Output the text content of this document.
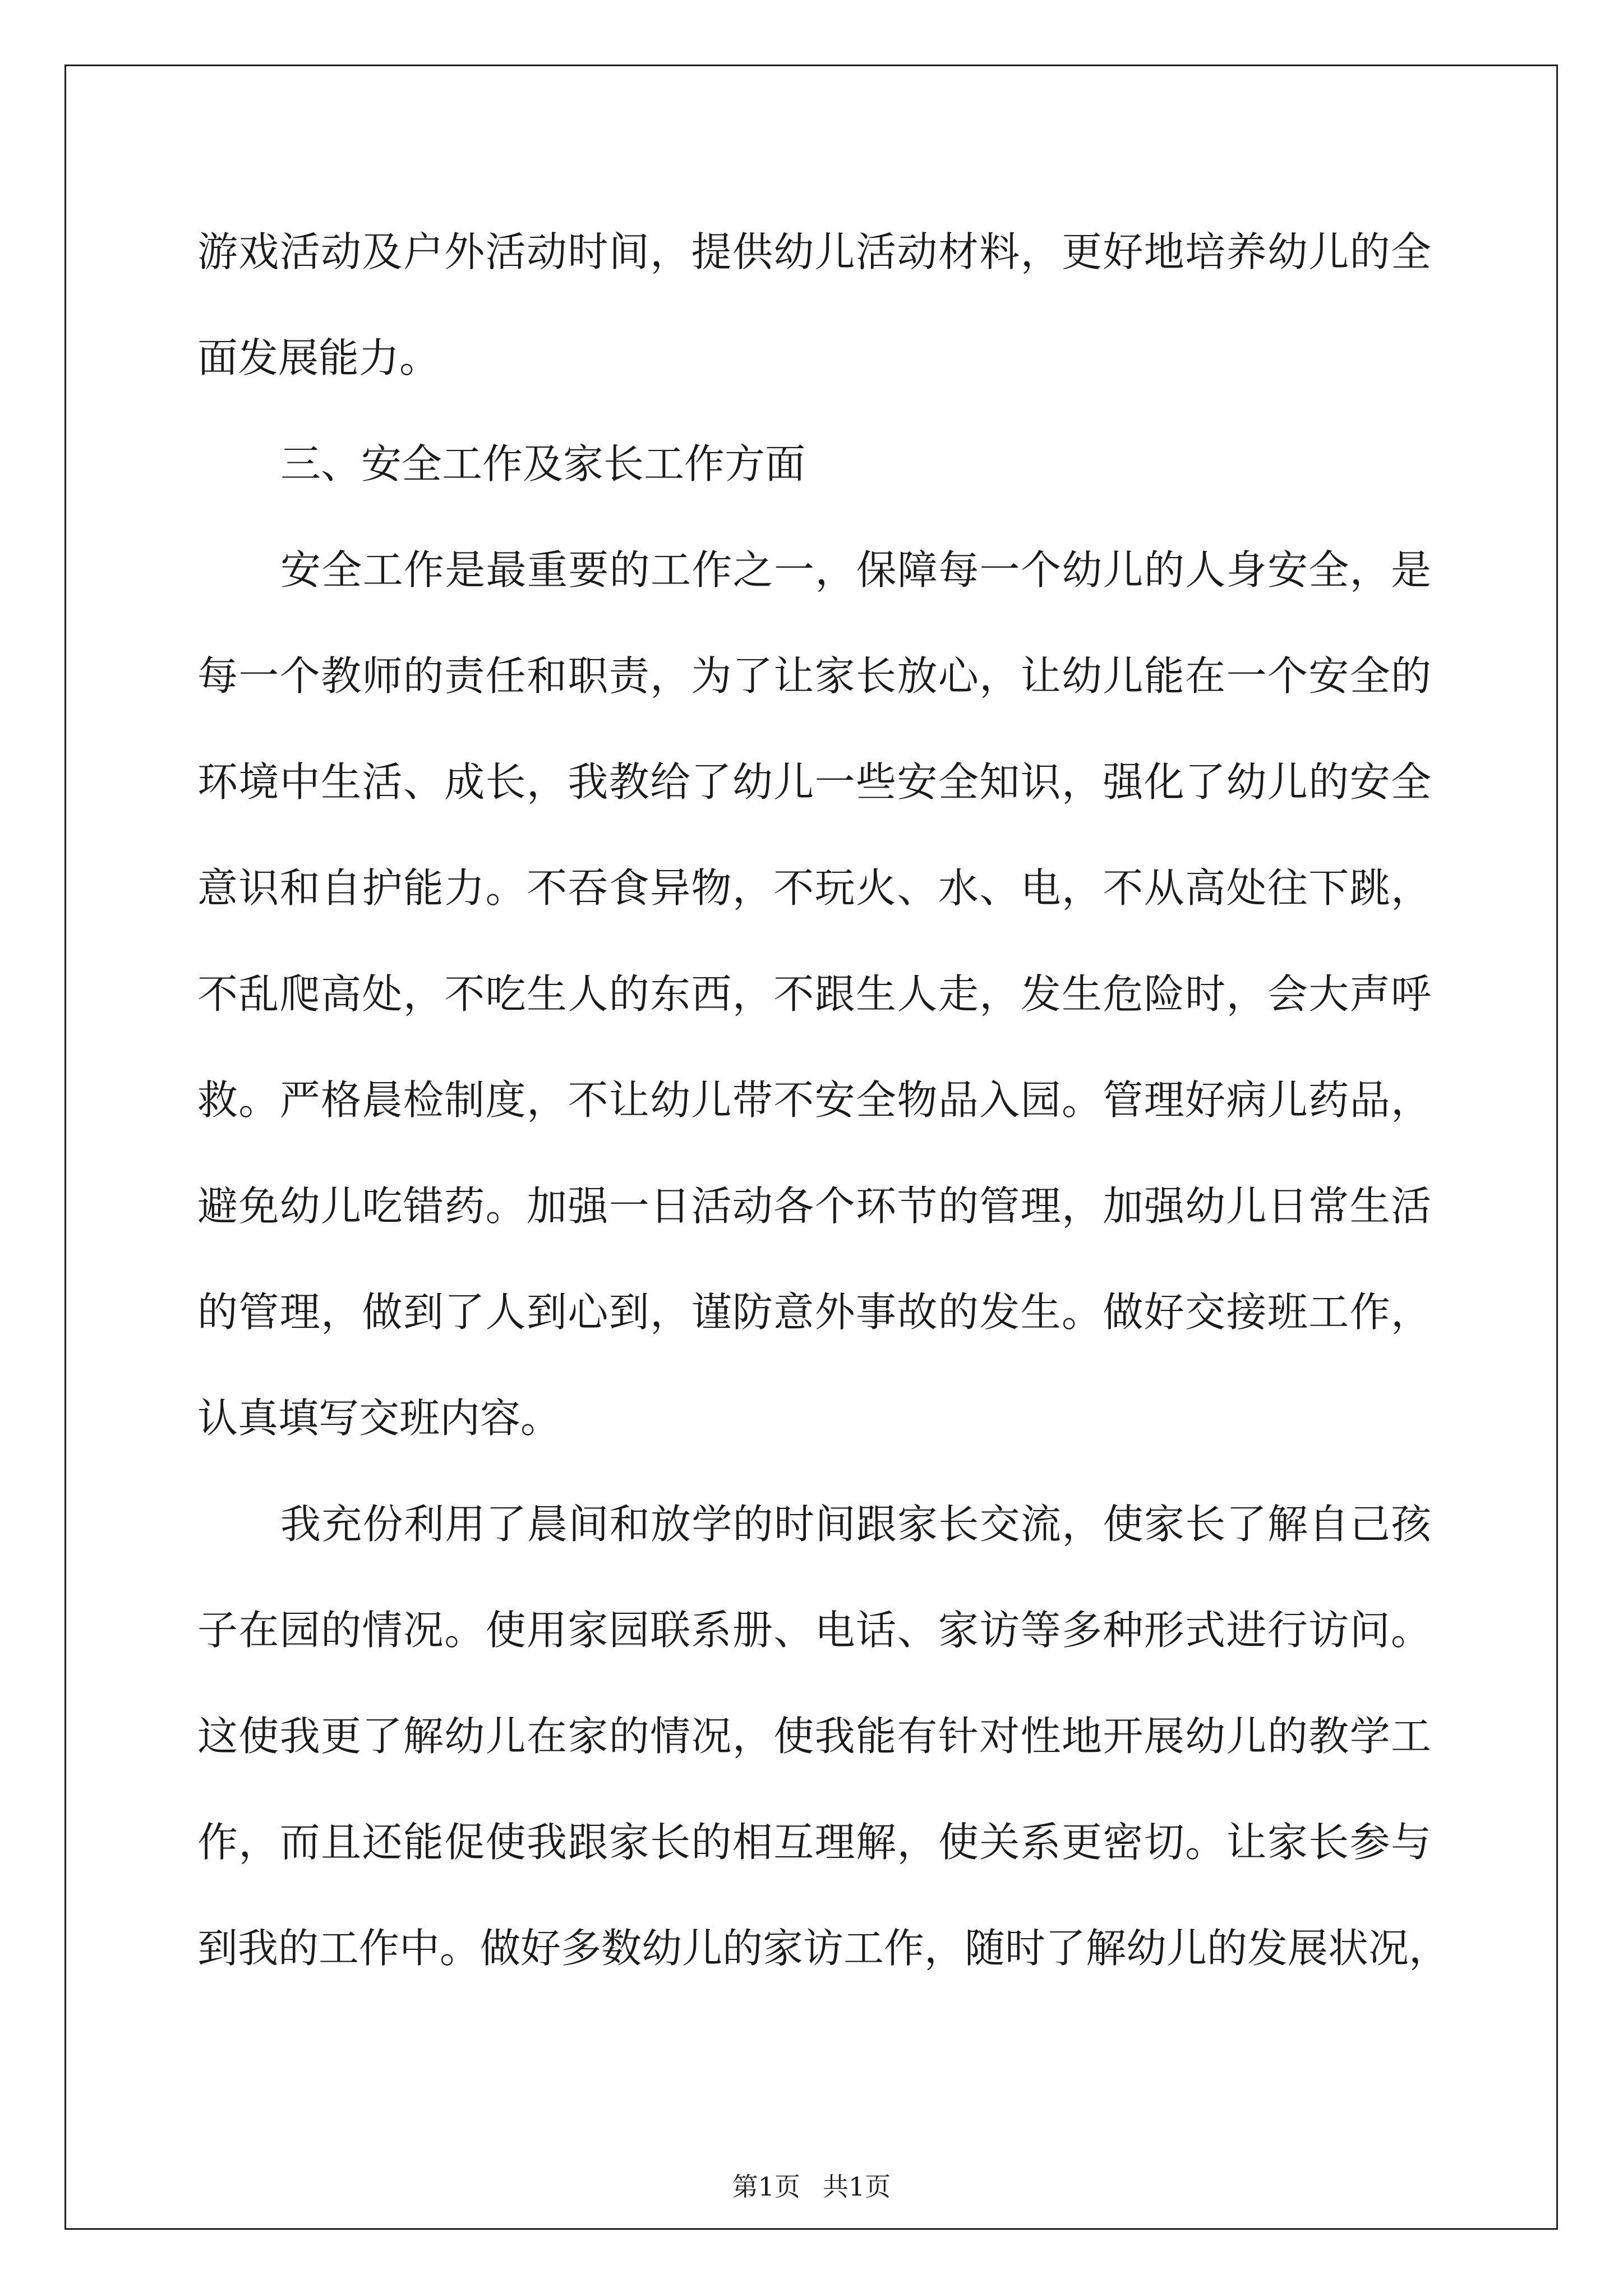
游戏活动及户外活动时间，提供幼儿活动材料，更好地培养幼儿的全
面发展能力。
三、安全工作及家长工作方面
安全工作是最重要的工作之一，保障每一个幼儿的人身安全，是
每一个教师的责任和职责，为了让家长放心，让幼儿能在一个安全的
环境中生活、成长，我教给了幼儿一些安全知识，强化了幼儿的安全
意识和自护能力。不吞食异物，不玩火、水、电，不从高处往下跳，
不乱爬高处，不吃生人的东西，不跟生人走，发生危险时，会大声呼
救。严格晨检制度，不让幼儿带不安全物品入园。管理好病儿药品，
避免幼儿吃错药。加强一日活动各个环节的管理，加强幼儿日常生活
的管理，做到了人到心到，谨防意外事故的发生。做好交接班工作，
认真填写交班内容。
我充份利用了晨间和放学的时间跟家长交流，使家长了解自己孩
子在园的情况。使用家园联系册、电话、家访等多种形式进行访问。
这使我更了解幼儿在家的情况，使我能有针对性地开展幼儿的教学工
作，而且还能促使我跟家长的相互理解，使关系更密切。让家长参与
到我的工作中。做好多数幼儿的家访工作，随时了解幼儿的发展状况，
第1页 共1页
